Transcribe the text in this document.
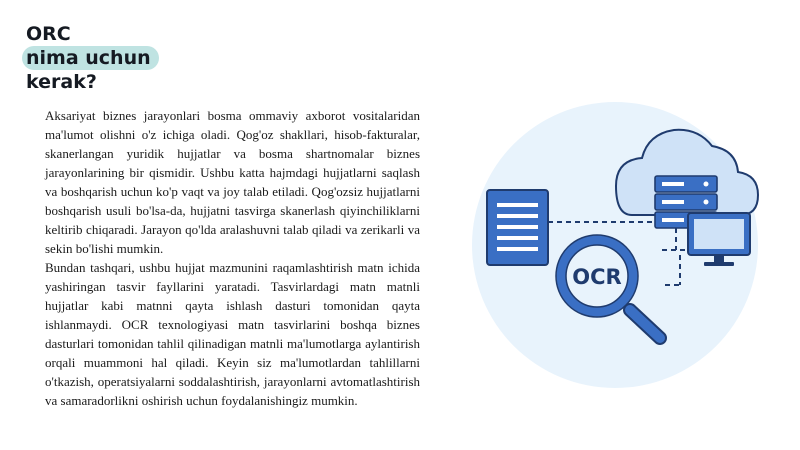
ORC
nima uchun
kerak?

Aksariyat biznes jarayonlari bosma ommaviy axborot vositalaridan ma'lumot olishni o'z ichiga oladi. Qog'oz shakllari, hisob-fakturalar, skanerlangan yuridik hujjatlar va bosma shartnomalar biznes jarayonlarining bir qismidir. Ushbu katta hajmdagi hujjatlarni saqlash va boshqarish uchun ko'p vaqt va joy talab etiladi. Qog'ozsiz hujjatlarni boshqarish usuli bo'lsa-da, hujjatni tasvirga skanerlash qiyinchiliklarni keltirib chiqaradi. Jarayon qo'lda aralashuvni talab qiladi va zerikarli va sekin bo'lishi mumkin.

Bundan tashqari, ushbu hujjat mazmunini raqamlashtirish matn ichida yashiringan tasvir fayllarini yaratadi. Tasvirlardagi matn matnli hujjatlar kabi matnni qayta ishlash dasturi tomonidan qayta ishlanmaydi. OCR texnologiyasi matn tasvirlarini boshqa biznes dasturlari tomonidan tahlil qilinadigan matnli ma'lumotlarga aylantirish orqali muammoni hal qiladi. Keyin siz ma'lumotlardan tahlillarni o'tkazish, operatsiyalarni soddalashtirish, jarayonlarni avtomatlashtirish va samaradorlikni oshirish uchun foydalanishingiz mumkin.

OCR
